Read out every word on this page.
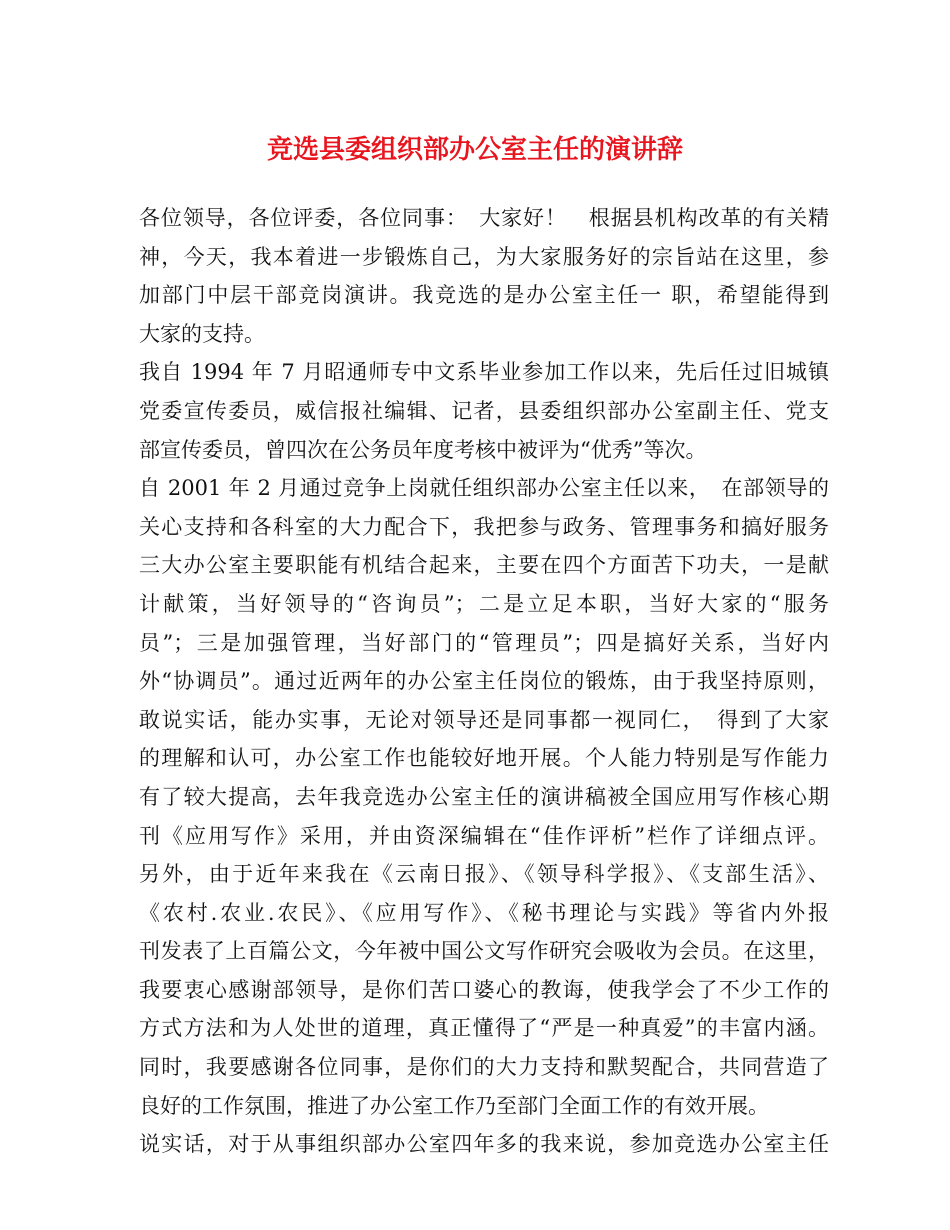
竞选县委组织部办公室主任的演讲辞
各位领导，各位评委，各位同事：　大家好！　根据县机构改革的有关精
神，今天，我本着进一步锻炼自己，为大家服务好的宗旨站在这里，参
加部门中层干部竞岗演讲。我竞选的是办公室主任一 职，希望能得到
大家的支持。
我自 1994 年 7 月昭通师专中文系毕业参加工作以来，先后任过旧城镇
党委宣传委员，威信报社编辑、记者，县委组织部办公室副主任、党支
部宣传委员，曾四次在公务员年度考核中被评为“优秀”等次。
自 2001 年 2 月通过竞争上岗就任组织部办公室主任以来，　在部领导的
关心支持和各科室的大力配合下，我把参与政务、管理事务和搞好服务
三大办公室主要职能有机结合起来，主要在四个方面苦下功夫，一是献
计献策，当好领导的“咨询员”；二是立足本职，当好大家的“服务
员”；三是加强管理，当好部门的“管理员”；四是搞好关系，当好内
外“协调员”。通过近两年的办公室主任岗位的锻炼，由于我坚持原则，
敢说实话，能办实事，无论对领导还是同事都一视同仁，　得到了大家
的理解和认可，办公室工作也能较好地开展。个人能力特别是写作能力
有了较大提高，去年我竞选办公室主任的演讲稿被全国应用写作核心期
刊《应用写作》采用，并由资深编辑在“佳作评析”栏作了详细点评。
另外，由于近年来我在《云南日报》、《领导科学报》、《支部生活》、
《农村.农业.农民》、《应用写作》、《秘书理论与实践》等省内外报
刊发表了上百篇公文，今年被中国公文写作研究会吸收为会员。在这里，
我要衷心感谢部领导，是你们苦口婆心的教诲，使我学会了不少工作的
方式方法和为人处世的道理，真正懂得了“严是一种真爱”的丰富内涵。
同时，我要感谢各位同事，是你们的大力支持和默契配合，共同营造了
良好的工作氛围，推进了办公室工作乃至部门全面工作的有效开展。
说实话，对于从事组织部办公室四年多的我来说，参加竞选办公室主任
